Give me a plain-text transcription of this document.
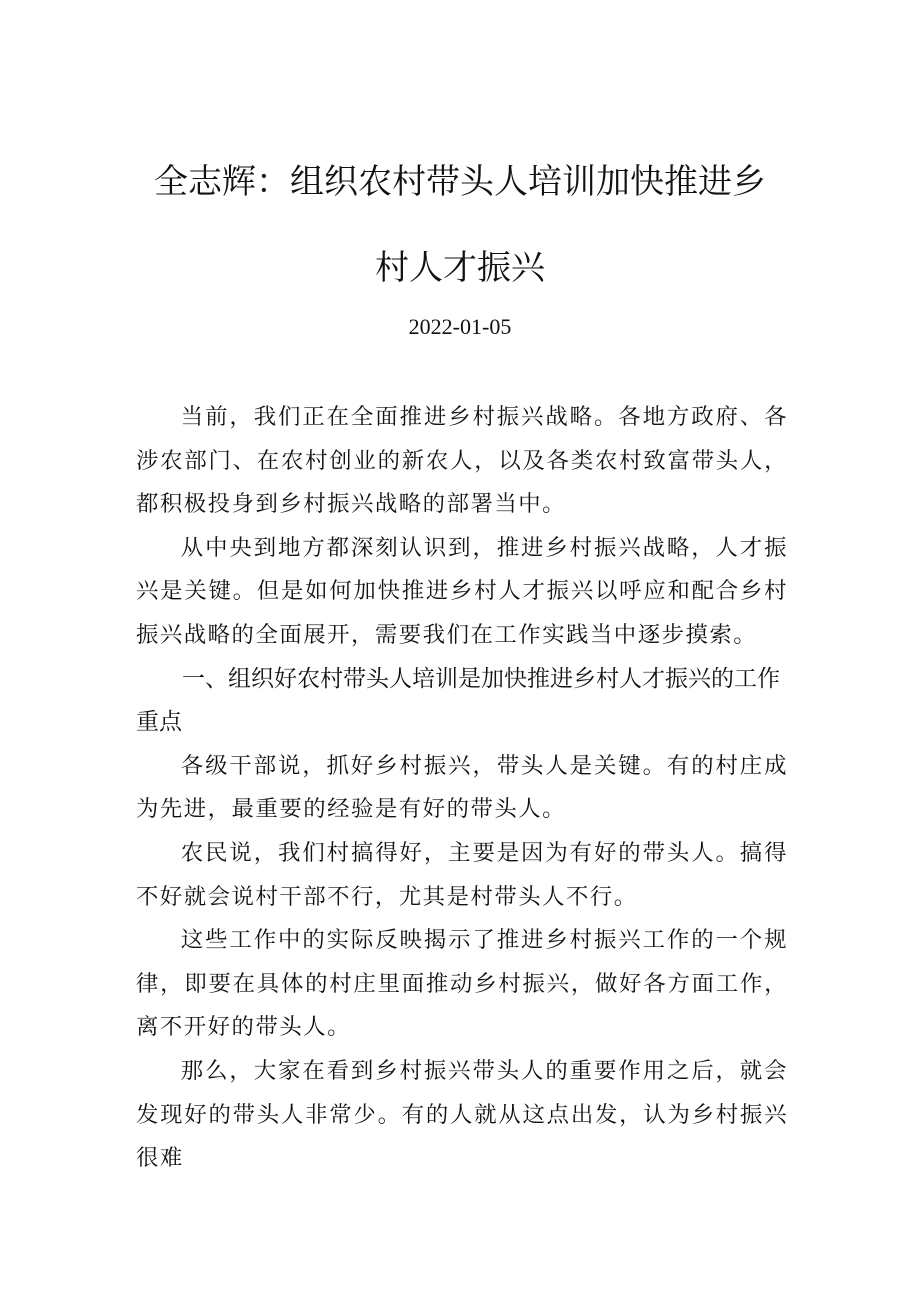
全志辉：组织农村带头人培训加快推进乡
村人才振兴
2022-01-05

当前，我们正在全面推进乡村振兴战略。各地方政府、各涉农部门、在农村创业的新农人，以及各类农村致富带头人，都积极投身到乡村振兴战略的部署当中。

从中央到地方都深刻认识到，推进乡村振兴战略，人才振兴是关键。但是如何加快推进乡村人才振兴以呼应和配合乡村振兴战略的全面展开，需要我们在工作实践当中逐步摸索。

一、组织好农村带头人培训是加快推进乡村人才振兴的工作重点

各级干部说，抓好乡村振兴，带头人是关键。有的村庄成为先进，最重要的经验是有好的带头人。

农民说，我们村搞得好，主要是因为有好的带头人。搞得不好就会说村干部不行，尤其是村带头人不行。

这些工作中的实际反映揭示了推进乡村振兴工作的一个规律，即要在具体的村庄里面推动乡村振兴，做好各方面工作，离不开好的带头人。

那么，大家在看到乡村振兴带头人的重要作用之后，就会发现好的带头人非常少。有的人就从这点出发，认为乡村振兴很难
